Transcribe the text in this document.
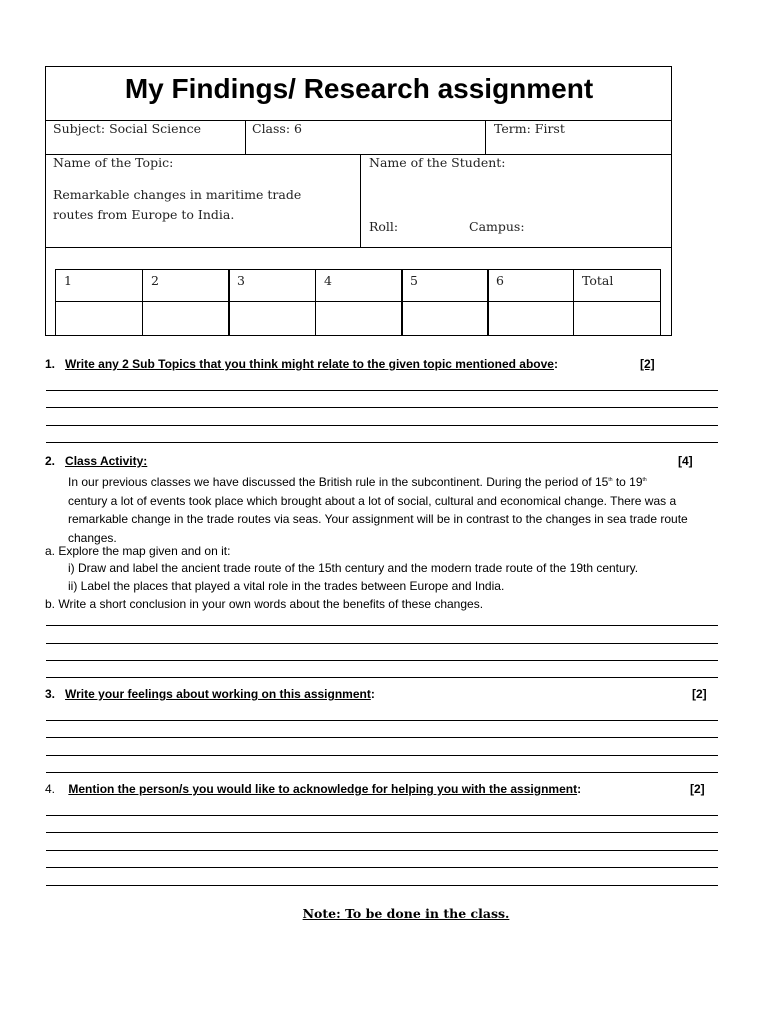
My Findings/ Research assignment
Subject: Social Science	Class: 6	Term: First
Name of the Topic:
Remarkable changes in maritime trade
routes from Europe to India.
Name of the Student:
Roll:	Campus:
1	2	3	4	5	6	Total
1. Write any 2 Sub Topics that you think might relate to the given topic mentioned above:	[2]
2. Class Activity:	[4]
In our previous classes we have discussed the British rule in the subcontinent. During the period of 15th to 19th
century a lot of events took place which brought about a lot of social, cultural and economical change. There was a
remarkable change in the trade routes via seas. Your assignment will be in contrast to the changes in sea trade route
changes.
a. Explore the map given and on it:
i) Draw and label the ancient trade route of the 15th century and the modern trade route of the 19th century.
ii) Label the places that played a vital role in the trades between Europe and India.
b. Write a short conclusion in your own words about the benefits of these changes.
3. Write your feelings about working on this assignment:	[2]
4. Mention the person/s you would like to acknowledge for helping you with the assignment:	[2]
Note: To be done in the class.
